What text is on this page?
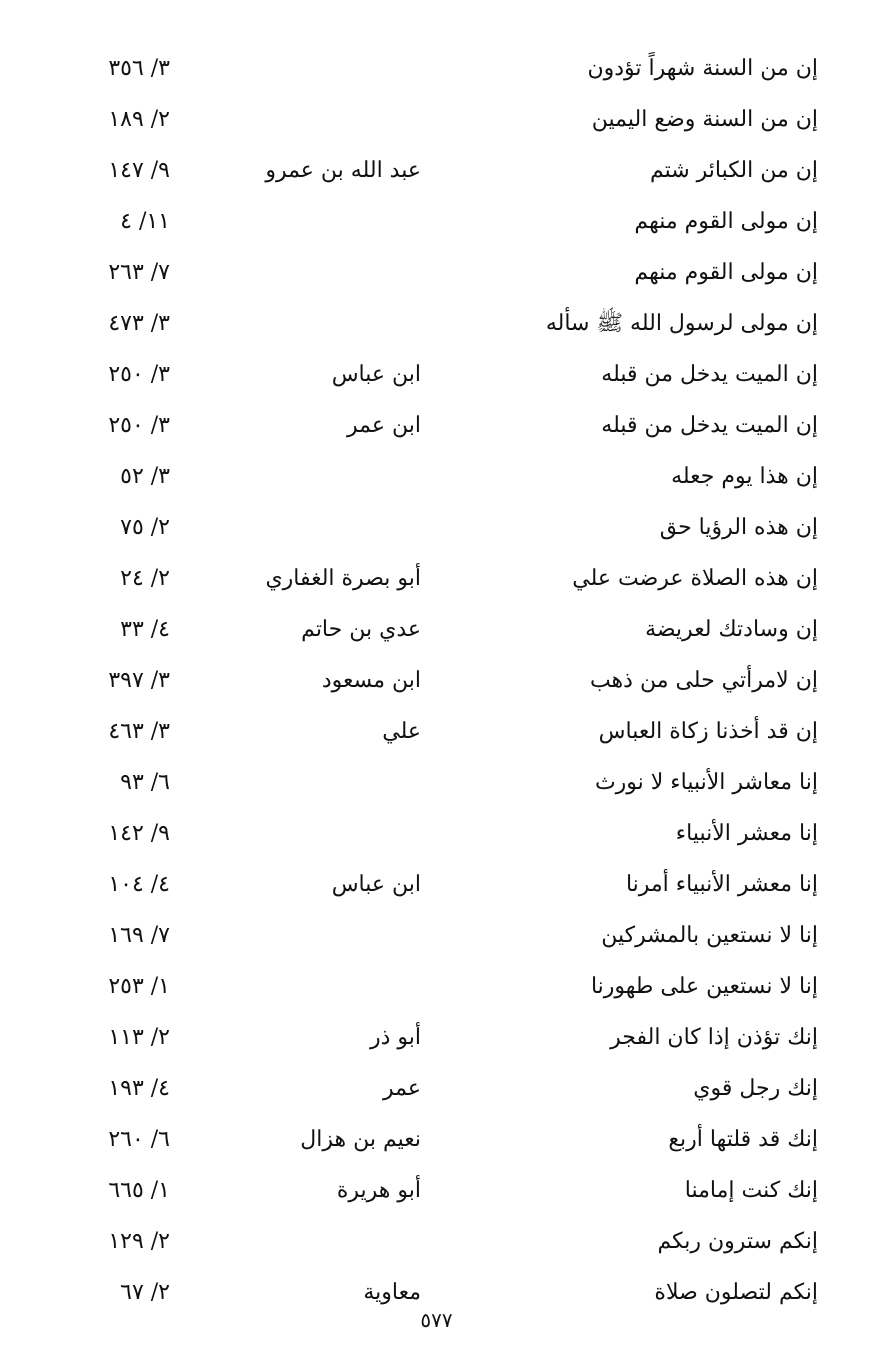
إن من السنة شهراً تؤدون
٣/ ٣٥٦
إن من السنة وضع اليمين
٢/ ١٨٩
إن من الكبائر شتم
عبد الله بن عمرو
٩/ ١٤٧
إن مولى القوم منهم
١١/ ٤
إن مولى القوم منهم
٧/ ٢٦٣
إن مولى لرسول الله ﷺ سأله
٣/ ٤٧٣
إن الميت يدخل من قبله
ابن عباس
٣/ ٢٥٠
إن الميت يدخل من قبله
ابن عمر
٣/ ٢٥٠
إن هذا يوم جعله
٣/ ٥٢
إن هذه الرؤيا حق
٢/ ٧٥
إن هذه الصلاة عرضت علي
أبو بصرة الغفاري
٢/ ٢٤
إن وسادتك لعريضة
عدي بن حاتم
٤/ ٣٣
إن لامرأتي حلى من ذهب
ابن مسعود
٣/ ٣٩٧
إن قد أخذنا زكاة العباس
علي
٣/ ٤٦٣
إنا معاشر الأنبياء لا نورث
٦/ ٩٣
إنا معشر الأنبياء
٩/ ١٤٢
إنا معشر الأنبياء أمرنا
ابن عباس
٤/ ١٠٤
إنا لا نستعين بالمشركين
٧/ ١٦٩
إنا لا نستعين على طهورنا
١/ ٢٥٣
إنك تؤذن إذا كان الفجر
أبو ذر
٢/ ١١٣
إنك رجل قوي
عمر
٤/ ١٩٣
إنك قد قلتها أربع
نعيم بن هزال
٦/ ٢٦٠
إنك كنت إمامنا
أبو هريرة
١/ ٦٦٥
إنكم سترون ربكم
٢/ ١٢٩
إنكم لتصلون صلاة
معاوية
٢/ ٦٧
٥٧٧
